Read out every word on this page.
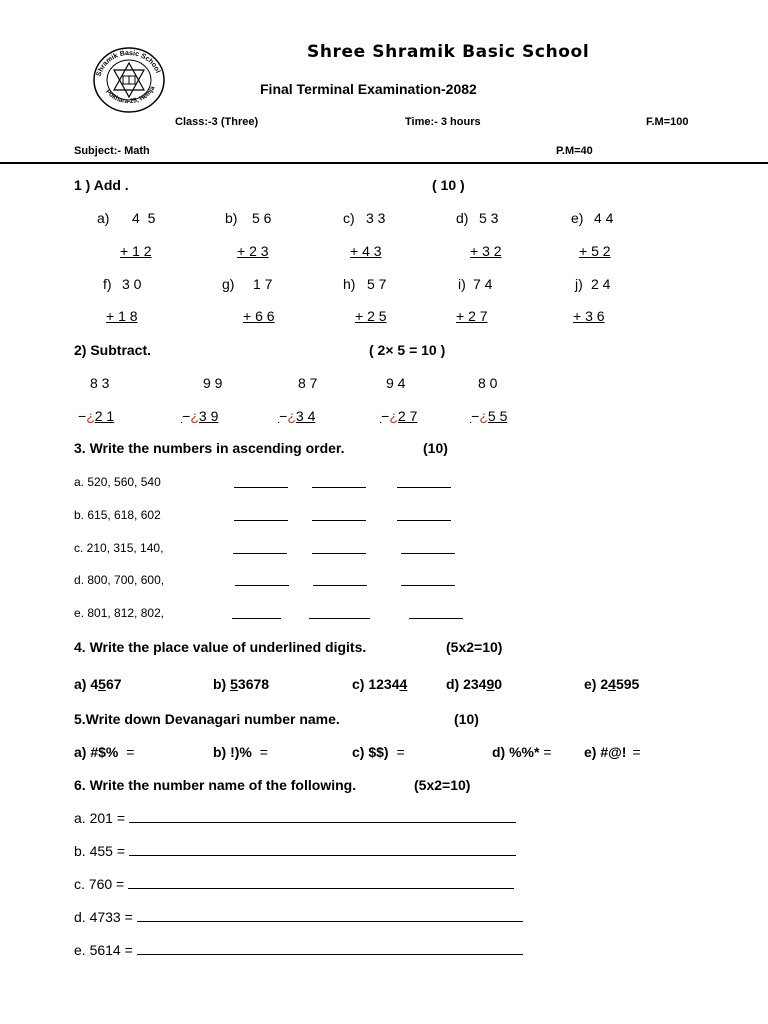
Shramik Basic School
Pokhara-25, Hemja
Shree Shramik Basic School
Final Terminal Examination-2082
Class:-3 (Three)	Time:- 3 hours	F.M=100
Subject:- Math	P.M=40
1 ) Add .	( 10 )
a) 4 5
+ 1 2
b) 5 6
+ 2 3
c) 3 3
+ 4 3
d) 5 3
+ 3 2
e) 4 4
+ 5 2
f) 3 0
+ 1 8
g) 1 7
+ 6 6
h) 5 7
+ 2 5
i) 7 4
+ 2 7
j) 2 4
+ 3 6
2) Subtract.	( 2× 5 = 10 )
8 3	9 9	8 7	9 4	8 0
−¿2 1
 	−¿3 9
 	−¿3 4
 	−¿2 7
 	−¿5 5
3. Write the numbers in ascending order.	(10)
a. 520, 560, 540
b. 615, 618, 602
c. 210, 315, 140,
d. 800, 700, 600,
e. 801, 812, 802,
4. Write the place value of underlined digits.	(5x2=10)
a) 4567	b) 53678	c) 12344	d) 23490	e) 24595
5.Write down Devanagari number name.	(10)
a) #$% =	b) !)% =	c) $$) =	d) %%* = e) #@! =
6. Write the number name of the following.	(5x2=10)
a. 201 =
b. 455 =
c. 760 =
d. 4733 =
e. 5614 =
